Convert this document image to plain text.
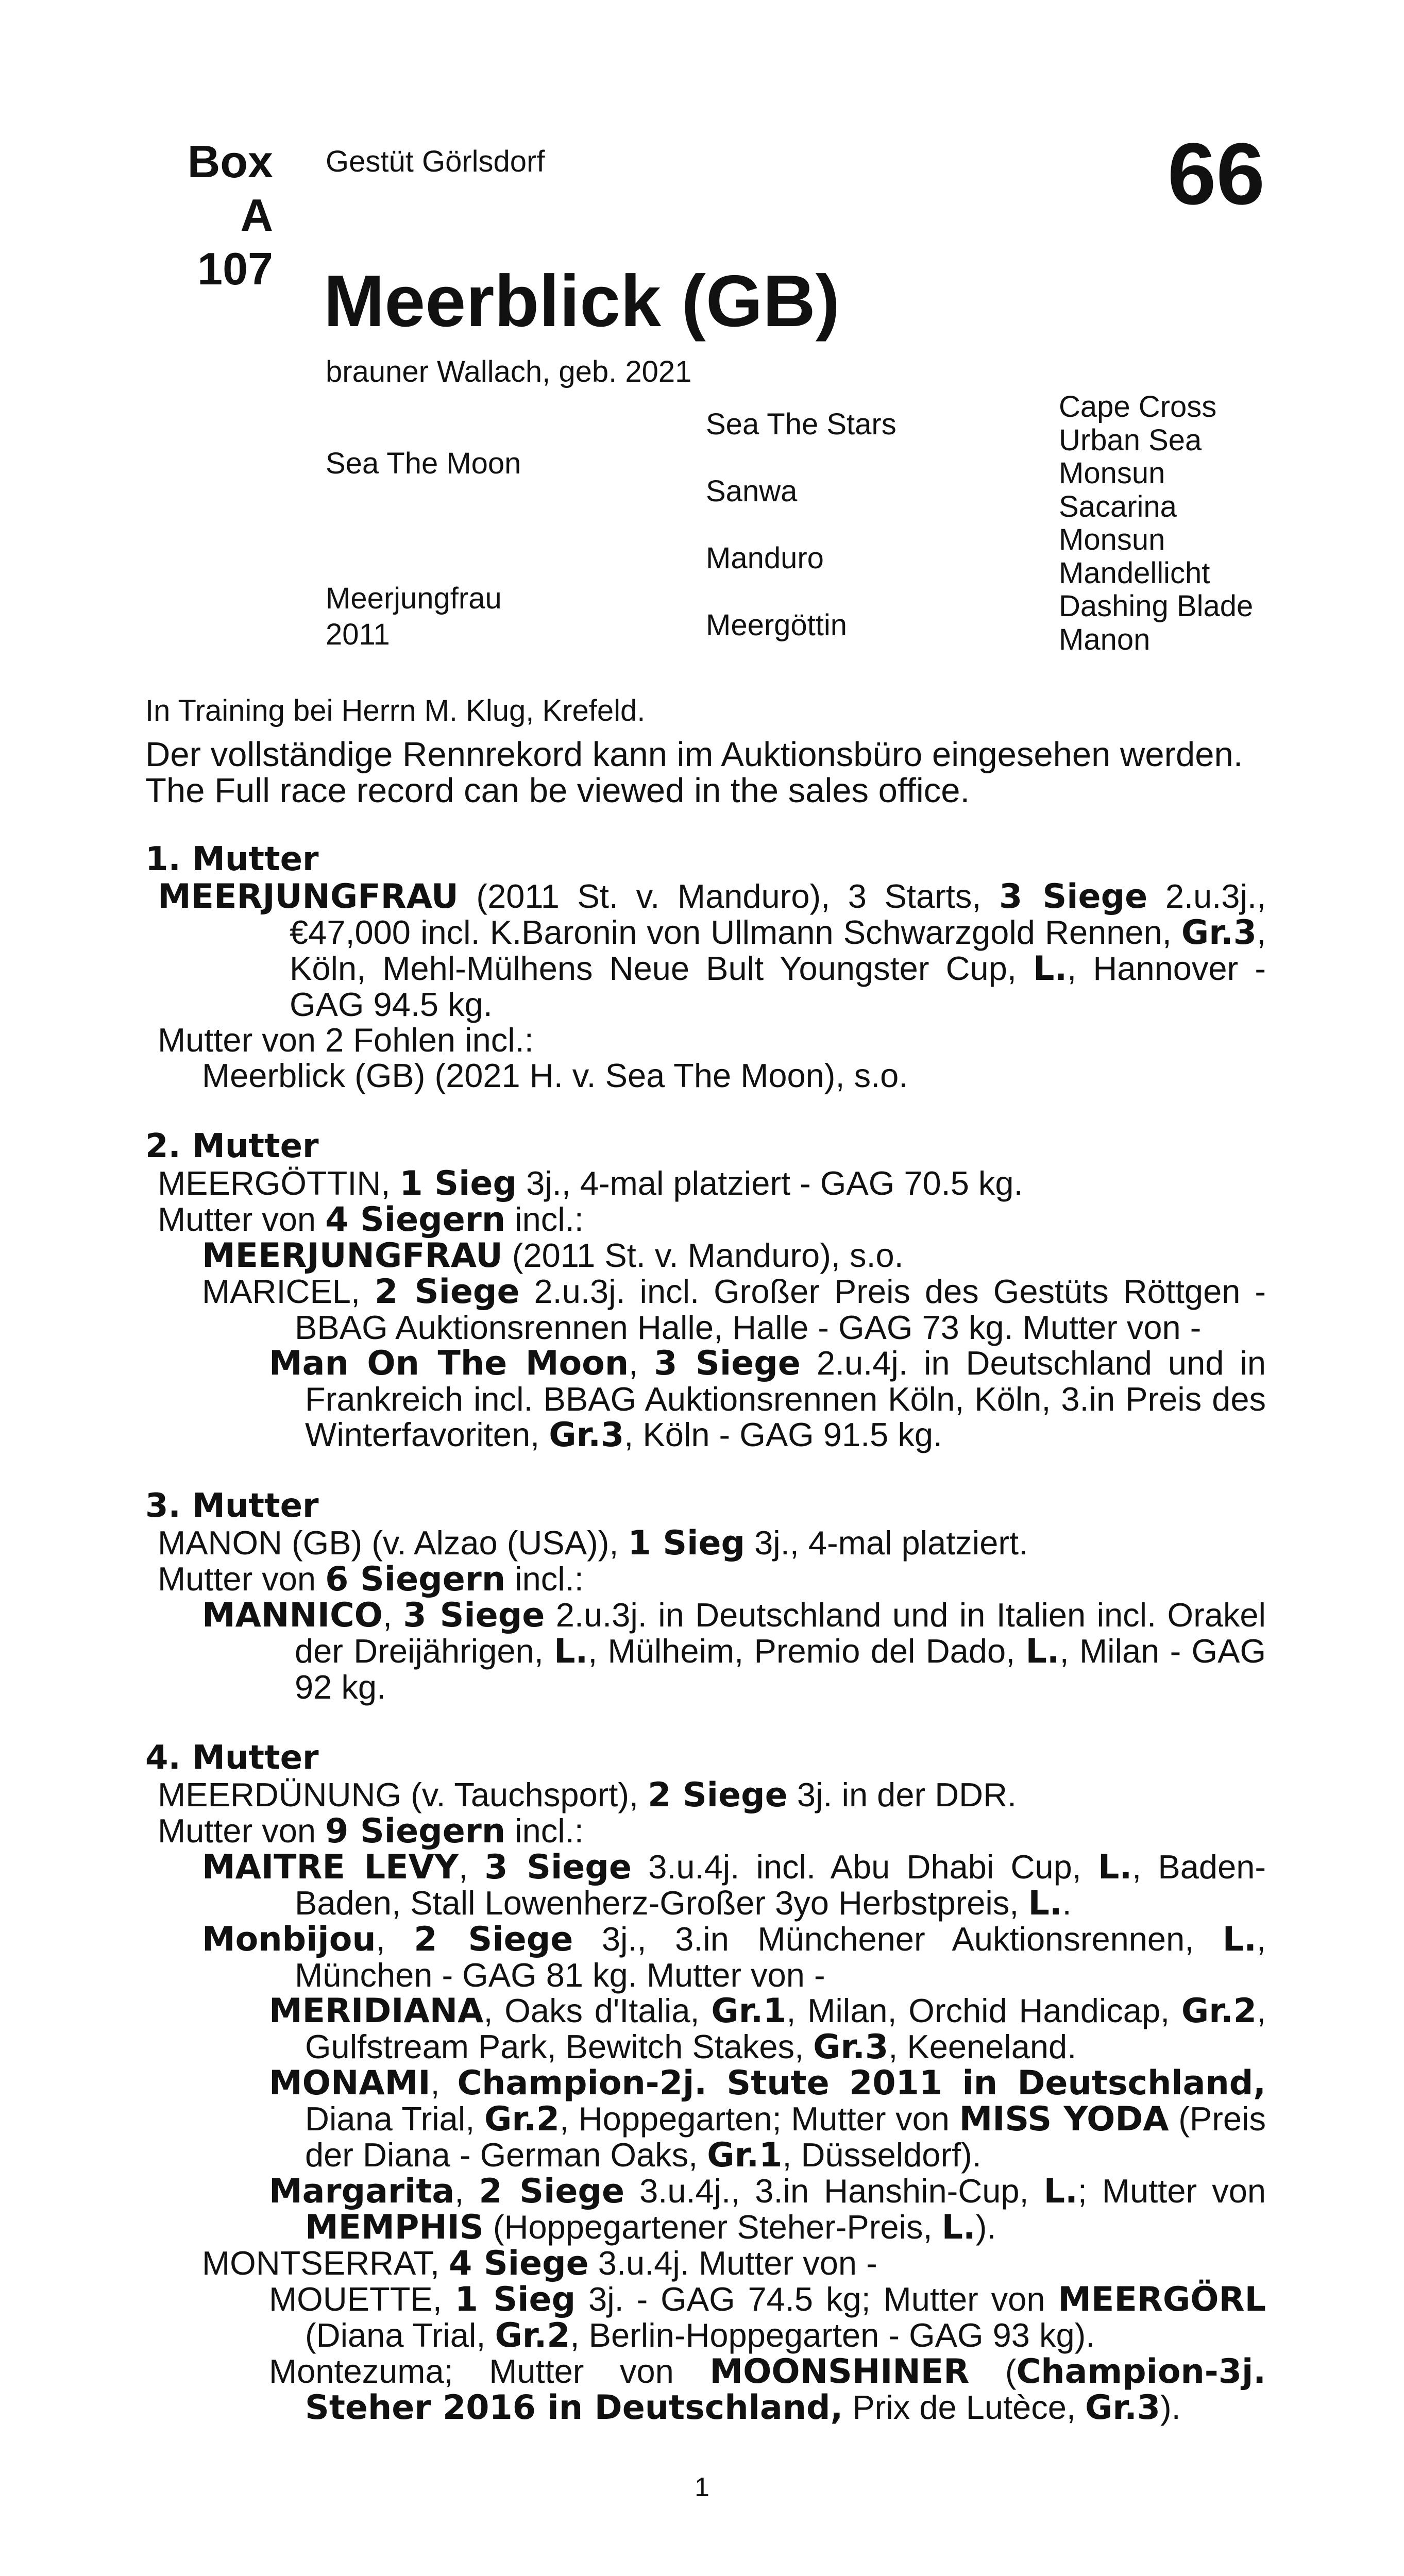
Box
A 107
Gestüt Görlsdorf	66
Meerblick (GB)
brauner Wallach, geb. 2021
Sea The Moon
Meerjungfrau
2011
Sea The Stars
Sanwa
Manduro
Meergöttin
Cape Cross
Urban Sea
Monsun
Sacarina
Monsun
Mandellicht
Dashing Blade
Manon
In Training bei Herrn M. Klug, Krefeld.
Der vollständige Rennrekord kann im Auktionsbüro eingesehen werden.
The Full race record can be viewed in the sales office.
1. Mutter
MEERJUNGFRAU (2011 St. v. Manduro), 3 Starts, 3 Siege 2.u.3j., €47,000 incl. K.Baronin von Ullmann Schwarzgold Rennen, Gr.3, Köln, Mehl-Mülhens Neue Bult Youngster Cup, L., Hannover - GAG 94.5 kg.
Mutter von 2 Fohlen incl.:
Meerblick (GB) (2021 H. v. Sea The Moon), s.o.
2. Mutter
MEERGÖTTIN, 1 Sieg 3j., 4-mal platziert - GAG 70.5 kg.
Mutter von 4 Siegern incl.:
MEERJUNGFRAU (2011 St. v. Manduro), s.o.
MARICEL, 2 Siege 2.u.3j. incl. Großer Preis des Gestüts Röttgen - BBAG Auktionsrennen Halle, Halle - GAG 73 kg. Mutter von -
Man On The Moon, 3 Siege 2.u.4j. in Deutschland und in Frankreich incl. BBAG Auktionsrennen Köln, Köln, 3.in Preis des Winterfavoriten, Gr.3, Köln - GAG 91.5 kg.
3. Mutter
MANON (GB) (v. Alzao (USA)), 1 Sieg 3j., 4-mal platziert.
Mutter von 6 Siegern incl.:
MANNICO, 3 Siege 2.u.3j. in Deutschland und in Italien incl. Orakel der Dreijährigen, L., Mülheim, Premio del Dado, L., Milan - GAG 92 kg.
4. Mutter
MEERDÜNUNG (v. Tauchsport), 2 Siege 3j. in der DDR.
Mutter von 9 Siegern incl.:
MAITRE LEVY, 3 Siege 3.u.4j. incl. Abu Dhabi Cup, L., Baden-Baden, Stall Lowenherz-Großer 3yo Herbstpreis, L..
Monbijou, 2 Siege 3j., 3.in Münchener Auktionsrennen, L., München - GAG 81 kg. Mutter von -
MERIDIANA, Oaks d'Italia, Gr.1, Milan, Orchid Handicap, Gr.2, Gulfstream Park, Bewitch Stakes, Gr.3, Keeneland.
MONAMI, Champion-2j. Stute 2011 in Deutschland, Diana Trial, Gr.2, Hoppegarten; Mutter von MISS YODA (Preis der Diana - German Oaks, Gr.1, Düsseldorf).
Margarita, 2 Siege 3.u.4j., 3.in Hanshin-Cup, L.; Mutter von MEMPHIS (Hoppegartener Steher-Preis, L.).
MONTSERRAT, 4 Siege 3.u.4j. Mutter von -
MOUETTE, 1 Sieg 3j. - GAG 74.5 kg; Mutter von MEERGÖRL (Diana Trial, Gr.2, Berlin-Hoppegarten - GAG 93 kg).
Montezuma; Mutter von MOONSHINER (Champion-3j. Steher 2016 in Deutschland, Prix de Lutèce, Gr.3).
1
